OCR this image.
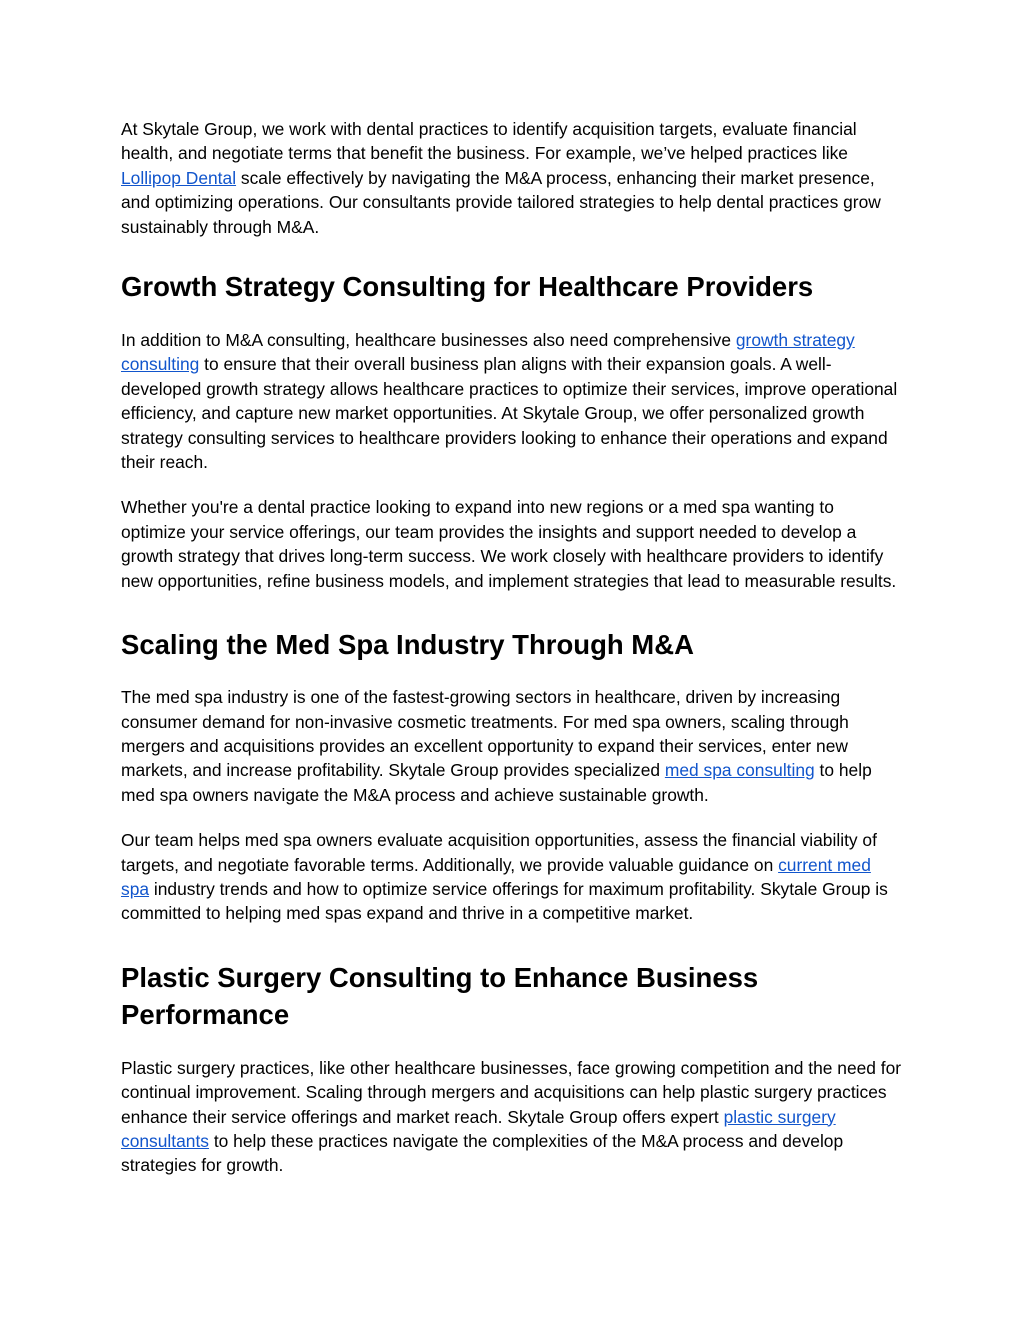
At Skytale Group, we work with dental practices to identify acquisition targets, evaluate financial health, and negotiate terms that benefit the business. For example, we’ve helped practices like Lollipop Dental scale effectively by navigating the M&A process, enhancing their market presence, and optimizing operations. Our consultants provide tailored strategies to help dental practices grow sustainably through M&A.

Growth Strategy Consulting for Healthcare Providers

In addition to M&A consulting, healthcare businesses also need comprehensive growth strategy consulting to ensure that their overall business plan aligns with their expansion goals. A well-developed growth strategy allows healthcare practices to optimize their services, improve operational efficiency, and capture new market opportunities. At Skytale Group, we offer personalized growth strategy consulting services to healthcare providers looking to enhance their operations and expand their reach.

Whether you're a dental practice looking to expand into new regions or a med spa wanting to optimize your service offerings, our team provides the insights and support needed to develop a growth strategy that drives long-term success. We work closely with healthcare providers to identify new opportunities, refine business models, and implement strategies that lead to measurable results.

Scaling the Med Spa Industry Through M&A

The med spa industry is one of the fastest-growing sectors in healthcare, driven by increasing consumer demand for non-invasive cosmetic treatments. For med spa owners, scaling through mergers and acquisitions provides an excellent opportunity to expand their services, enter new markets, and increase profitability. Skytale Group provides specialized med spa consulting to help med spa owners navigate the M&A process and achieve sustainable growth.

Our team helps med spa owners evaluate acquisition opportunities, assess the financial viability of targets, and negotiate favorable terms. Additionally, we provide valuable guidance on current med spa industry trends and how to optimize service offerings for maximum profitability. Skytale Group is committed to helping med spas expand and thrive in a competitive market.

Plastic Surgery Consulting to Enhance Business Performance

Plastic surgery practices, like other healthcare businesses, face growing competition and the need for continual improvement. Scaling through mergers and acquisitions can help plastic surgery practices enhance their service offerings and market reach. Skytale Group offers expert plastic surgery consultants to help these practices navigate the complexities of the M&A process and develop strategies for growth.
